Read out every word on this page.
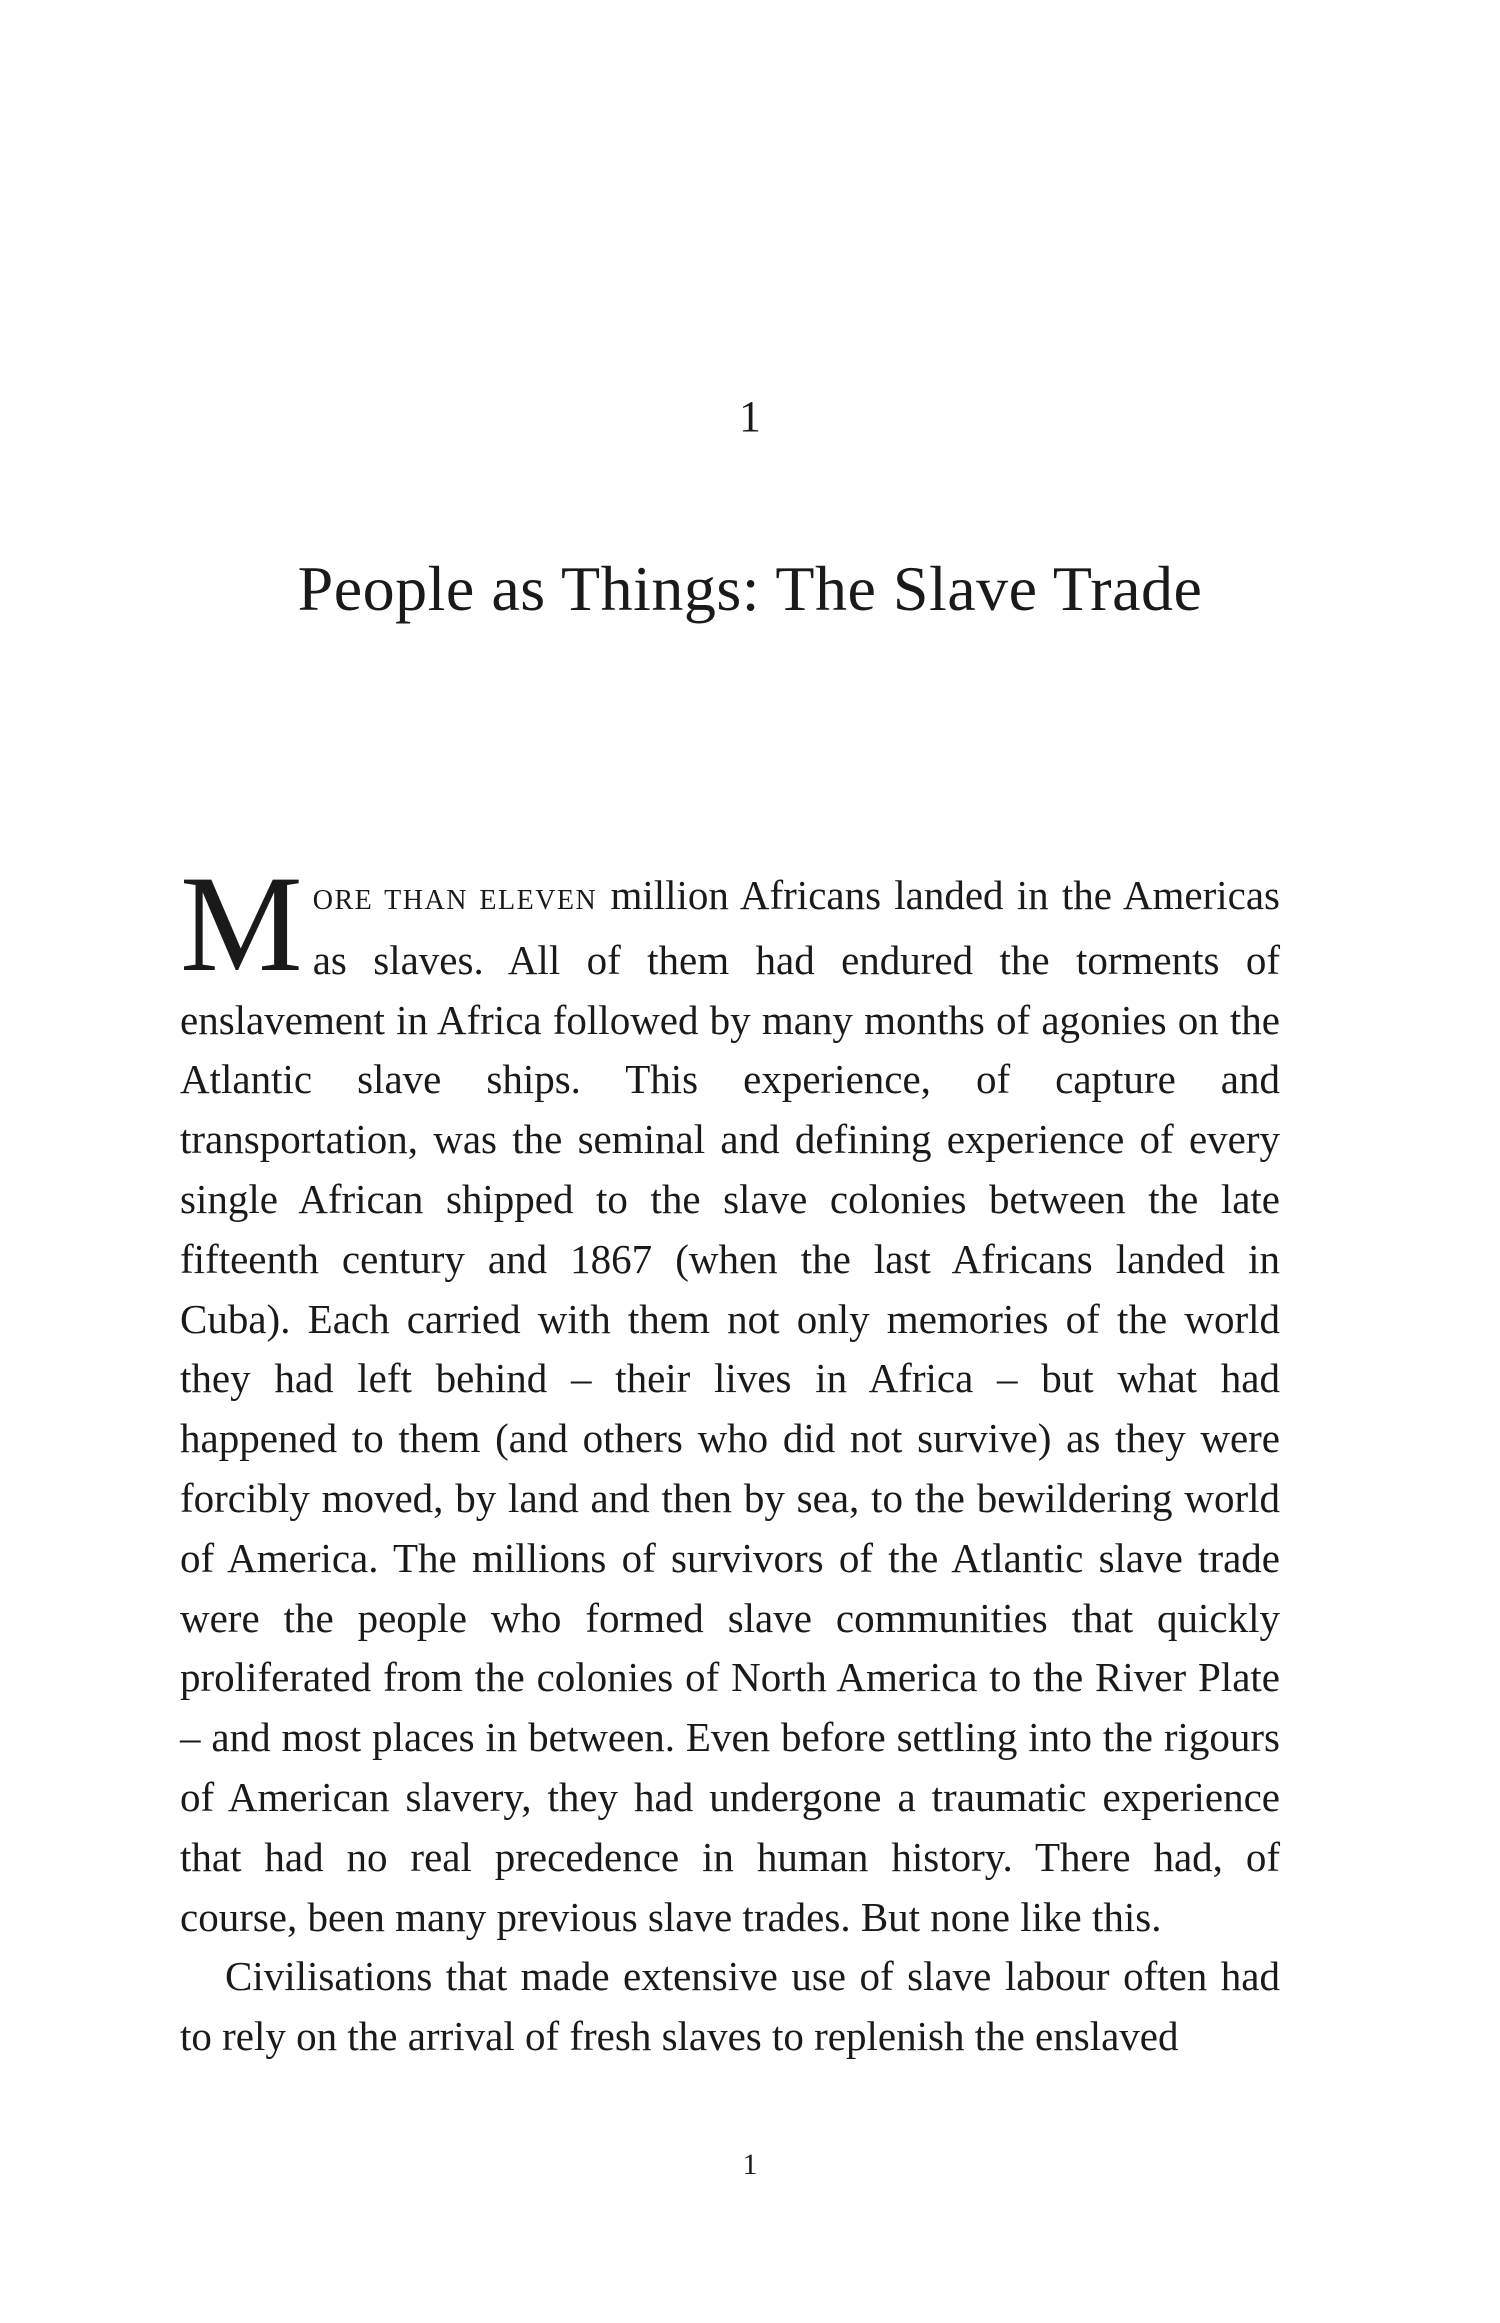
1
People as Things: The Slave Trade

MORE THAN ELEVEN million Africans landed in the Americas as slaves. All of them had endured the torments of enslavement in Africa followed by many months of agonies on the Atlantic slave ships. This experience, of capture and transportation, was the seminal and defining experience of every single African shipped to the slave colonies between the late fifteenth century and 1867 (when the last Africans landed in Cuba). Each carried with them not only memories of the world they had left behind – their lives in Africa – but what had happened to them (and others who did not survive) as they were forcibly moved, by land and then by sea, to the bewildering world of America. The millions of survivors of the Atlantic slave trade were the people who formed slave communities that quickly proliferated from the colonies of North America to the River Plate – and most places in between. Even before settling into the rigours of American slavery, they had undergone a traumatic experience that had no real precedence in human history. There had, of course, been many previous slave trades. But none like this.

Civilisations that made extensive use of slave labour often had to rely on the arrival of fresh slaves to replenish the enslaved

1
